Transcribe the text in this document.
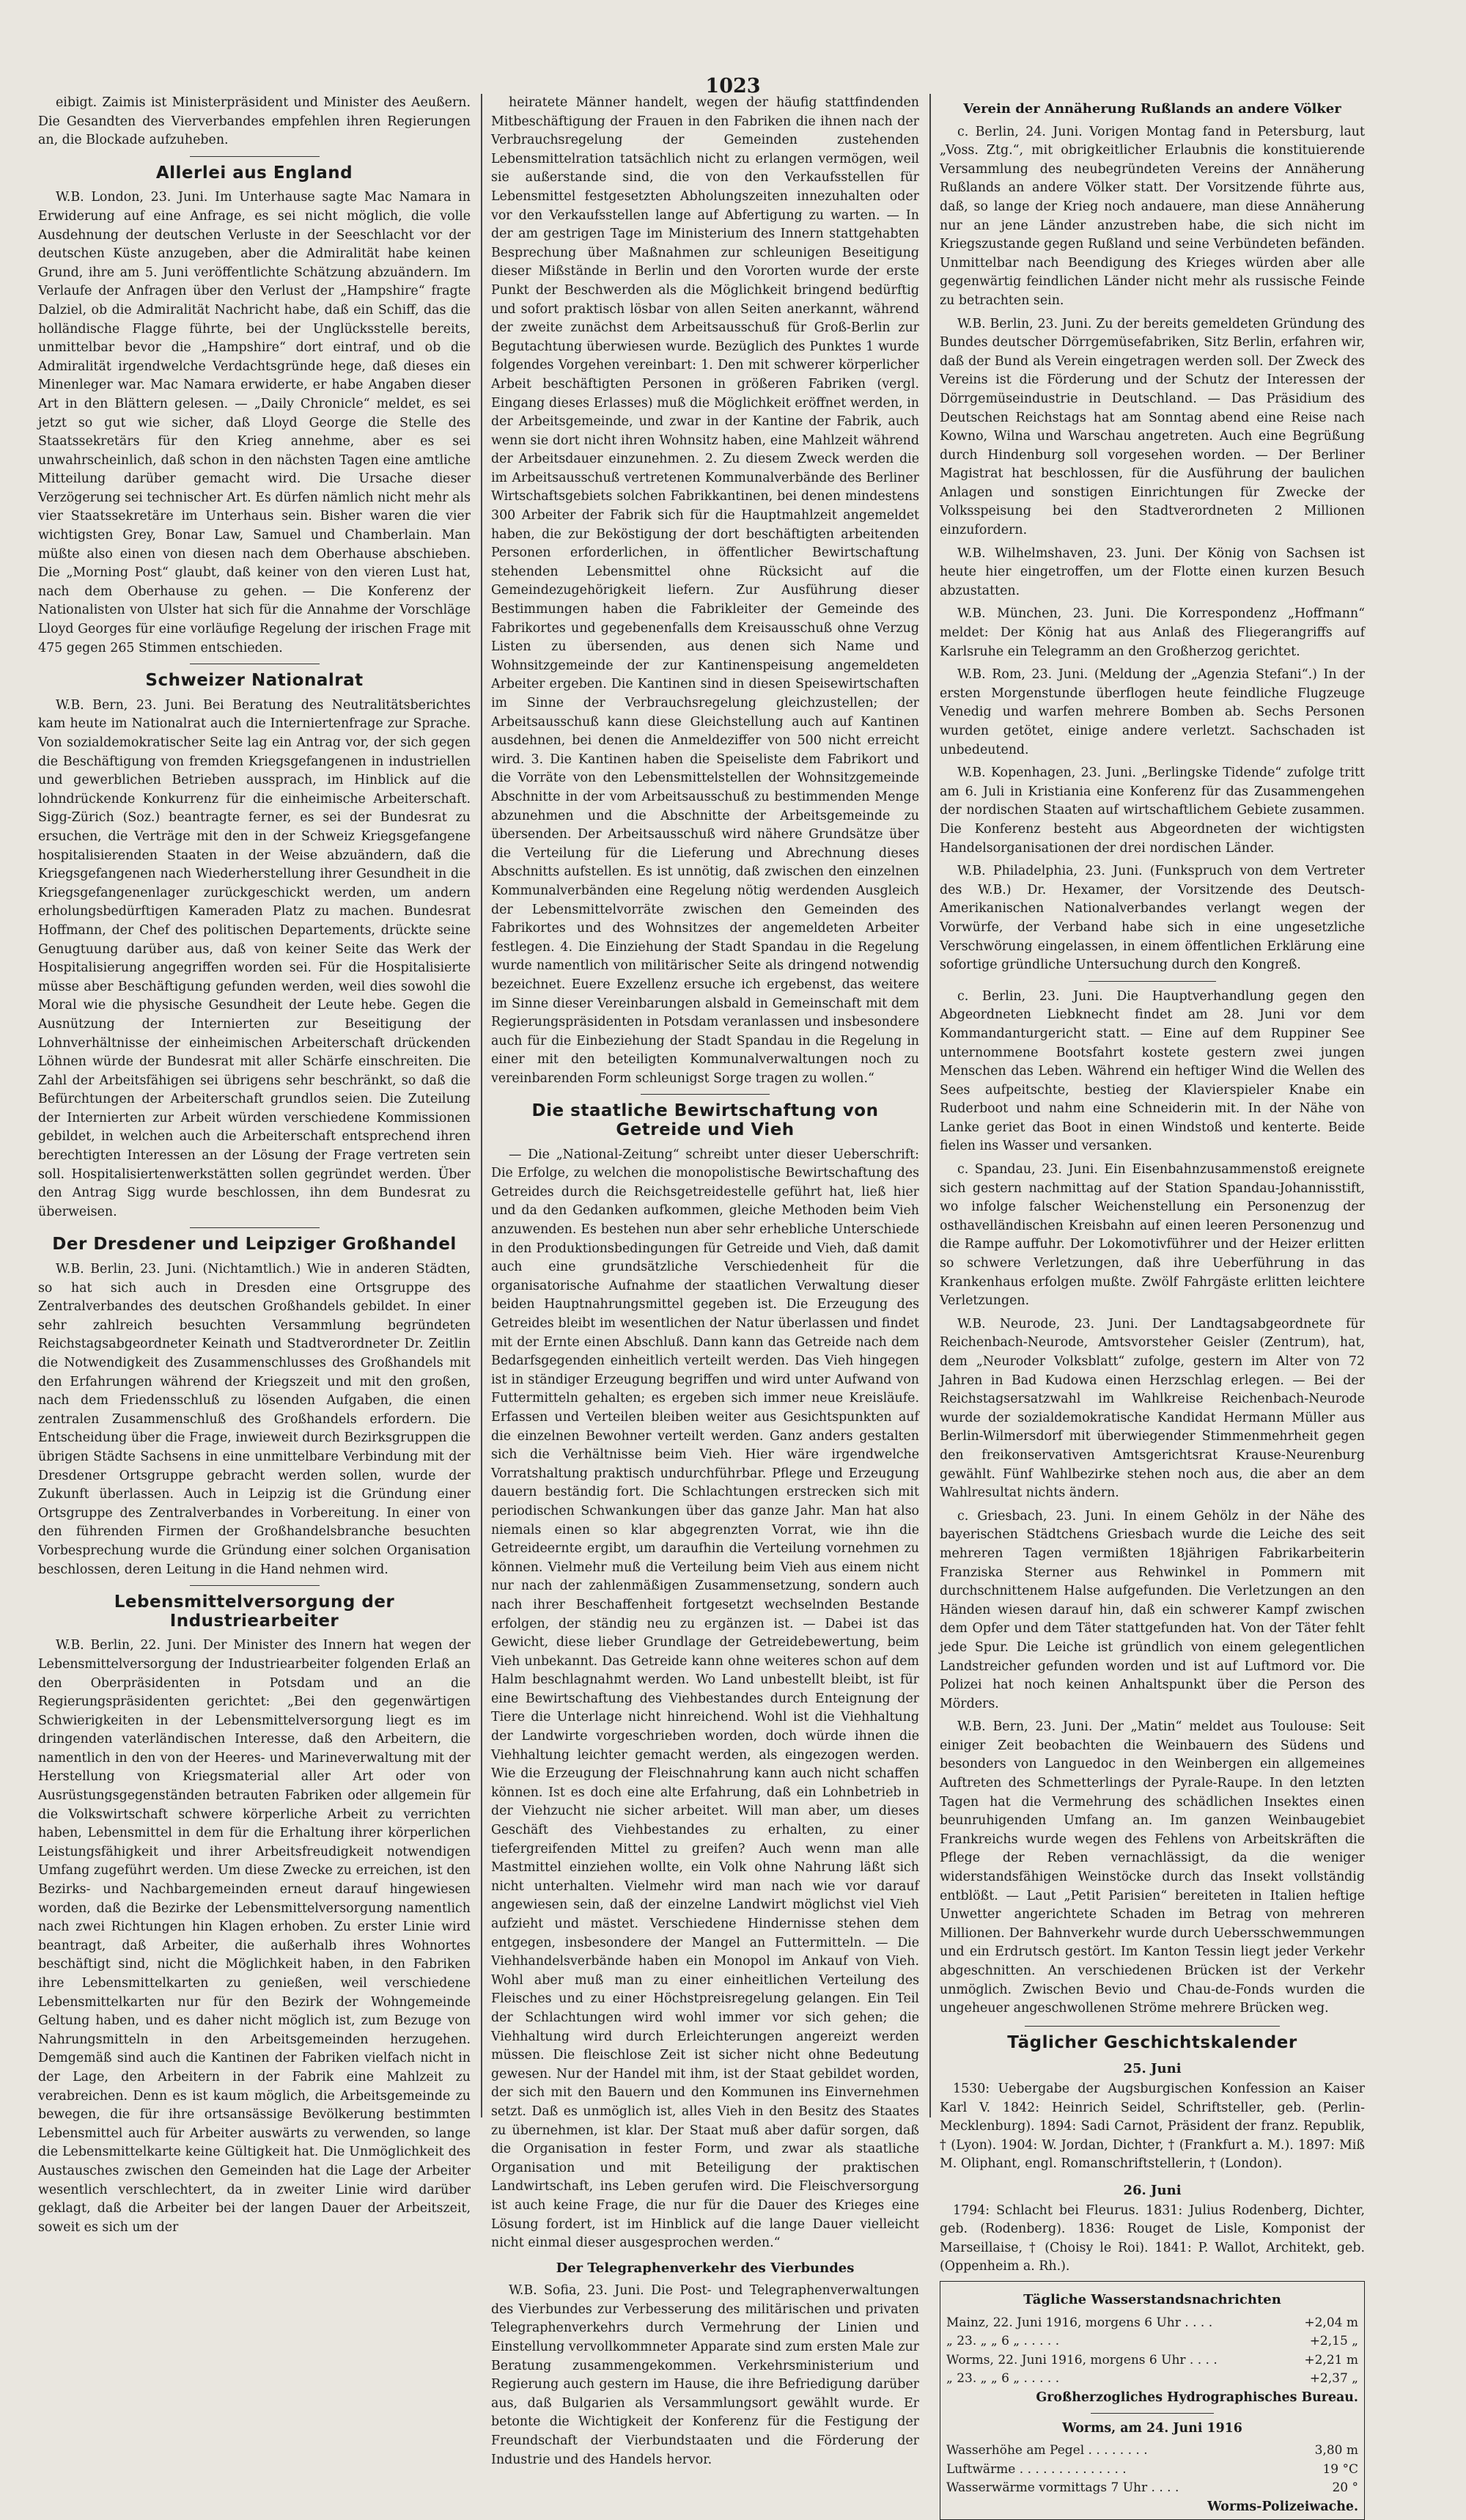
1023

eibigt. Zaimis ist Ministerpräsident und Minister des Aeußern. Die Gesandten des Vierverbandes empfehlen ihren Regierungen an, die Blockade aufzuheben.

Allerlei aus England

W.B. London, 23. Juni. Im Unterhause sagte Mac Namara in Erwiderung auf eine Anfrage, es sei nicht möglich, die volle Ausdehnung der deutschen Verluste in der Seeschlacht vor der deutschen Küste anzugeben, aber die Admiralität habe keinen Grund, ihre am 5. Juni veröffentlichte Schätzung abzuändern. Im Verlaufe der Anfragen über den Verlust der „Hampshire“ fragte Dalziel, ob die Admiralität Nachricht habe, daß ein Schiff, das die holländische Flagge führte, bei der Unglücksstelle bereits, unmittelbar bevor die „Hampshire“ dort eintraf, und ob die Admiralität irgendwelche Verdachtsgründe hege, daß dieses ein Minenleger war. Mac Namara erwiderte, er habe Angaben dieser Art in den Blättern gelesen. — „Daily Chronicle“ meldet, es sei jetzt so gut wie sicher, daß Lloyd George die Stelle des Staatssekretärs für den Krieg annehme, aber es sei unwahrscheinlich, daß schon in den nächsten Tagen eine amtliche Mitteilung darüber gemacht wird. Die Ursache dieser Verzögerung sei technischer Art. Es dürfen nämlich nicht mehr als vier Staatssekretäre im Unterhaus sein. Bisher waren die vier wichtigsten Grey, Bonar Law, Samuel und Chamberlain. Man müßte also einen von diesen nach dem Oberhause abschieben. Die „Morning Post“ glaubt, daß keiner von den vieren Lust hat, nach dem Oberhause zu gehen. — Die Konferenz der Nationalisten von Ulster hat sich für die Annahme der Vorschläge Lloyd Georges für eine vorläufige Regelung der irischen Frage mit 475 gegen 265 Stimmen entschieden.

Schweizer Nationalrat

W.B. Bern, 23. Juni. Bei Beratung des Neutralitätsberichtes kam heute im Nationalrat auch die Interniertenfrage zur Sprache. Von sozialdemokratischer Seite lag ein Antrag vor, der sich gegen die Beschäftigung von fremden Kriegsgefangenen in industriellen und gewerblichen Betrieben aussprach, im Hinblick auf die lohndrückende Konkurrenz für die einheimische Arbeiterschaft. Sigg-Zürich (Soz.) beantragte ferner, es sei der Bundesrat zu ersuchen, die Verträge mit den in der Schweiz Kriegsgefangene hospitalisierenden Staaten in der Weise abzuändern, daß die Kriegsgefangenen nach Wiederherstellung ihrer Gesundheit in die Kriegsgefangenenlager zurückgeschickt werden, um andern erholungsbedürftigen Kameraden Platz zu machen. Bundesrat Hoffmann, der Chef des politischen Departements, drückte seine Genugtuung darüber aus, daß von keiner Seite das Werk der Hospitalisierung angegriffen worden sei. Für die Hospitalisierte müsse aber Beschäftigung gefunden werden, weil dies sowohl die Moral wie die physische Gesundheit der Leute hebe. Gegen die Ausnützung der Internierten zur Beseitigung der Lohnverhältnisse der einheimischen Arbeiterschaft drückenden Löhnen würde der Bundesrat mit aller Schärfe einschreiten. Die Zahl der Arbeitsfähigen sei übrigens sehr beschränkt, so daß die Befürchtungen der Arbeiterschaft grundlos seien. Die Zuteilung der Internierten zur Arbeit würden verschiedene Kommissionen gebildet, in welchen auch die Arbeiterschaft entsprechend ihren berechtigten Interessen an der Lösung der Frage vertreten sein soll. Hospitalisiertenwerkstätten sollen gegründet werden. Über den Antrag Sigg wurde beschlossen, ihn dem Bundesrat zu überweisen.

Der Dresdener und Leipziger Großhandel

W.B. Berlin, 23. Juni. (Nichtamtlich.) Wie in anderen Städten, so hat sich auch in Dresden eine Ortsgruppe des Zentralverbandes des deutschen Großhandels gebildet. In einer sehr zahlreich besuchten Versammlung begründeten Reichstagsabgeordneter Keinath und Stadtverordneter Dr. Zeitlin die Notwendigkeit des Zusammenschlusses des Großhandels mit den Erfahrungen während der Kriegszeit und mit den großen, nach dem Friedensschluß zu lösenden Aufgaben, die einen zentralen Zusammenschluß des Großhandels erfordern. Die Entscheidung über die Frage, inwieweit durch Bezirksgruppen die übrigen Städte Sachsens in eine unmittelbare Verbindung mit der Dresdener Ortsgruppe gebracht werden sollen, wurde der Zukunft überlassen. Auch in Leipzig ist die Gründung einer Ortsgruppe des Zentralverbandes in Vorbereitung. In einer von den führenden Firmen der Großhandelsbranche besuchten Vorbesprechung wurde die Gründung einer solchen Organisation beschlossen, deren Leitung in die Hand nehmen wird.

Lebensmittelversorgung der Industriearbeiter

W.B. Berlin, 22. Juni. Der Minister des Innern hat wegen der Lebensmittelversorgung der Industriearbeiter folgenden Erlaß an den Oberpräsidenten in Potsdam und an die Regierungspräsidenten gerichtet: „Bei den gegenwärtigen Schwierigkeiten in der Lebensmittelversorgung liegt es im dringenden vaterländischen Interesse, daß den Arbeitern, die namentlich in den von der Heeres- und Marineverwaltung mit der Herstellung von Kriegsmaterial aller Art oder von Ausrüstungsgegenständen betrauten Fabriken oder allgemein für die Volkswirtschaft schwere körperliche Arbeit zu verrichten haben, Lebensmittel in dem für die Erhaltung ihrer körperlichen Leistungsfähigkeit und ihrer Arbeitsfreudigkeit notwendigen Umfang zugeführt werden. Um diese Zwecke zu erreichen, ist den Bezirks- und Nachbargemeinden erneut darauf hingewiesen worden, daß die Bezirke der Lebensmittelversorgung namentlich nach zwei Richtungen hin Klagen erhoben. Zu erster Linie wird beantragt, daß Arbeiter, die außerhalb ihres Wohnortes beschäftigt sind, nicht die Möglichkeit haben, in den Fabriken ihre Lebensmittelkarten zu genießen, weil verschiedene Lebensmittelkarten nur für den Bezirk der Wohngemeinde Geltung haben, und es daher nicht möglich ist, zum Bezuge von Nahrungsmitteln in den Arbeitsgemeinden herzugehen. Demgemäß sind auch die Kantinen der Fabriken vielfach nicht in der Lage, den Arbeitern in der Fabrik eine Mahlzeit zu verabreichen. Denn es ist kaum möglich, die Arbeitsgemeinde zu bewegen, die für ihre ortsansässige Bevölkerung bestimmten Lebensmittel auch für Arbeiter auswärts zu verwenden, so lange die Lebensmittelkarte keine Gültigkeit hat. Die Unmöglichkeit des Austausches zwischen den Gemeinden hat die Lage der Arbeiter wesentlich verschlechtert, da in zweiter Linie wird darüber geklagt, daß die Arbeiter bei der langen Dauer der Arbeitszeit, soweit es sich um der

heiratete Männer handelt, wegen der häufig stattfindenden Mitbeschäftigung der Frauen in den Fabriken die ihnen nach der Verbrauchsregelung der Gemeinden zustehenden Lebensmittelration tatsächlich nicht zu erlangen vermögen, weil sie außerstande sind, die von den Verkaufsstellen für Lebensmittel festgesetzten Abholungszeiten innezuhalten oder vor den Verkaufsstellen lange auf Abfertigung zu warten. — In der am gestrigen Tage im Ministerium des Innern stattgehabten Besprechung über Maßnahmen zur schleunigen Beseitigung dieser Mißstände in Berlin und den Vororten wurde der erste Punkt der Beschwerden als die Möglichkeit bringend bedürftig und sofort praktisch lösbar von allen Seiten anerkannt, während der zweite zunächst dem Arbeitsausschuß für Groß-Berlin zur Begutachtung überwiesen wurde. Bezüglich des Punktes 1 wurde folgendes Vorgehen vereinbart: 1. Den mit schwerer körperlicher Arbeit beschäftigten Personen in größeren Fabriken (vergl. Eingang dieses Erlasses) muß die Möglichkeit eröffnet werden, in der Arbeitsgemeinde, und zwar in der Kantine der Fabrik, auch wenn sie dort nicht ihren Wohnsitz haben, eine Mahlzeit während der Arbeitsdauer einzunehmen. 2. Zu diesem Zweck werden die im Arbeitsausschuß vertretenen Kommunalverbände des Berliner Wirtschaftsgebiets solchen Fabrikkantinen, bei denen mindestens 300 Arbeiter der Fabrik sich für die Hauptmahlzeit angemeldet haben, die zur Beköstigung der dort beschäftigten arbeitenden Personen erforderlichen, in öffentlicher Bewirtschaftung stehenden Lebensmittel ohne Rücksicht auf die Gemeindezugehörigkeit liefern. Zur Ausführung dieser Bestimmungen haben die Fabrikleiter der Gemeinde des Fabrikortes und gegebenenfalls dem Kreisausschuß ohne Verzug Listen zu übersenden, aus denen sich Name und Wohnsitzgemeinde der zur Kantinenspeisung angemeldeten Arbeiter ergeben. Die Kantinen sind in diesen Speisewirtschaften im Sinne der Verbrauchsregelung gleichzustellen; der Arbeitsausschuß kann diese Gleichstellung auch auf Kantinen ausdehnen, bei denen die Anmeldeziffer von 500 nicht erreicht wird. 3. Die Kantinen haben die Speiseliste dem Fabrikort und die Vorräte von den Lebensmittelstellen der Wohnsitzgemeinde Abschnitte in der vom Arbeitsausschuß zu bestimmenden Menge abzunehmen und die Abschnitte der Arbeitsgemeinde zu übersenden. Der Arbeitsausschuß wird nähere Grundsätze über die Verteilung für die Lieferung und Abrechnung dieses Abschnitts aufstellen. Es ist unnötig, daß zwischen den einzelnen Kommunalverbänden eine Regelung nötig werdenden Ausgleich der Lebensmittelvorräte zwischen den Gemeinden des Fabrikortes und des Wohnsitzes der angemeldeten Arbeiter festlegen. 4. Die Einziehung der Stadt Spandau in die Regelung wurde namentlich von militärischer Seite als dringend notwendig bezeichnet. Euere Exzellenz ersuche ich ergebenst, das weitere im Sinne dieser Vereinbarungen alsbald in Gemeinschaft mit dem Regierungspräsidenten in Potsdam veranlassen und insbesondere auch für die Einbeziehung der Stadt Spandau in die Regelung in einer mit den beteiligten Kommunalverwaltungen noch zu vereinbarenden Form schleunigst Sorge tragen zu wollen.“

Die staatliche Bewirtschaftung von Getreide und Vieh

— Die „National-Zeitung“ schreibt unter dieser Ueberschrift: Die Erfolge, zu welchen die monopolistische Bewirtschaftung des Getreides durch die Reichsgetreidestelle geführt hat, ließ hier und da den Gedanken aufkommen, gleiche Methoden beim Vieh anzuwenden. Es bestehen nun aber sehr erhebliche Unterschiede in den Produktionsbedingungen für Getreide und Vieh, daß damit auch eine grundsätzliche Verschiedenheit für die organisatorische Aufnahme der staatlichen Verwaltung dieser beiden Hauptnahrungsmittel gegeben ist. Die Erzeugung des Getreides bleibt im wesentlichen der Natur überlassen und findet mit der Ernte einen Abschluß. Dann kann das Getreide nach dem Bedarfsgegenden einheitlich verteilt werden. Das Vieh hingegen ist in ständiger Erzeugung begriffen und wird unter Aufwand von Futtermitteln gehalten; es ergeben sich immer neue Kreisläufe. Erfassen und Verteilen bleiben weiter aus Gesichtspunkten auf die einzelnen Bewohner verteilt werden. Ganz anders gestalten sich die Verhältnisse beim Vieh. Hier wäre irgendwelche Vorratshaltung praktisch undurchführbar. Pflege und Erzeugung dauern beständig fort. Die Schlachtungen erstrecken sich mit periodischen Schwankungen über das ganze Jahr. Man hat also niemals einen so klar abgegrenzten Vorrat, wie ihn die Getreideernte ergibt, um daraufhin die Verteilung vornehmen zu können. Vielmehr muß die Verteilung beim Vieh aus einem nicht nur nach der zahlenmäßigen Zusammensetzung, sondern auch nach ihrer Beschaffenheit fortgesetzt wechselnden Bestande erfolgen, der ständig neu zu ergänzen ist. — Dabei ist das Gewicht, diese lieber Grundlage der Getreidebewertung, beim Vieh unbekannt. Das Getreide kann ohne weiteres schon auf dem Halm beschlagnahmt werden. Wo Land unbestellt bleibt, ist für eine Bewirtschaftung des Viehbestandes durch Enteignung der Tiere die Unterlage nicht hinreichend. Wohl ist die Viehhaltung der Landwirte vorgeschrieben worden, doch würde ihnen die Viehhaltung leichter gemacht werden, als eingezogen werden. Wie die Erzeugung der Fleischnahrung kann auch nicht schaffen können. Ist es doch eine alte Erfahrung, daß ein Lohnbetrieb in der Viehzucht nie sicher arbeitet. Will man aber, um dieses Geschäft des Viehbestandes zu erhalten, zu einer tiefergreifenden Mittel zu greifen? Auch wenn man alle Mastmittel einziehen wollte, ein Volk ohne Nahrung läßt sich nicht unterhalten. Vielmehr wird man nach wie vor darauf angewiesen sein, daß der einzelne Landwirt möglichst viel Vieh aufzieht und mästet. Verschiedene Hindernisse stehen dem entgegen, insbesondere der Mangel an Futtermitteln. — Die Viehhandelsverbände haben ein Monopol im Ankauf von Vieh. Wohl aber muß man zu einer einheitlichen Verteilung des Fleisches und zu einer Höchstpreisregelung gelangen. Ein Teil der Schlachtungen wird wohl immer vor sich gehen; die Viehhaltung wird durch Erleichterungen angereizt werden müssen. Die fleischlose Zeit ist sicher nicht ohne Bedeutung gewesen. Nur der Handel mit ihm, ist der Staat gebildet worden, der sich mit den Bauern und den Kommunen ins Einvernehmen setzt. Daß es unmöglich ist, alles Vieh in den Besitz des Staates zu übernehmen, ist klar. Der Staat muß aber dafür sorgen, daß die Organisation in fester Form, und zwar als staatliche Organisation und mit Beteiligung der praktischen Landwirtschaft, ins Leben gerufen wird. Die Fleischversorgung ist auch keine Frage, die nur für die Dauer des Krieges eine Lösung fordert, ist im Hinblick auf die lange Dauer vielleicht nicht einmal dieser ausgesprochen werden.“

Der Telegraphenverkehr des Vierbundes

W.B. Sofia, 23. Juni. Die Post- und Telegraphenverwaltungen des Vierbundes zur Verbesserung des militärischen und privaten Telegraphenverkehrs durch Vermehrung der Linien und Einstellung vervollkommneter Apparate sind zum ersten Male zur Beratung zusammengekommen. Verkehrsministerium und Regierung auch gestern im Hause, die ihre Befriedigung darüber aus, daß Bulgarien als Versammlungsort gewählt wurde. Er betonte die Wichtigkeit der Konferenz für die Festigung der Freundschaft der Vierbundstaaten und die Förderung der Industrie und des Handels hervor.

Verein der Annäherung Rußlands an andere Völker

c. Berlin, 24. Juni. Vorigen Montag fand in Petersburg, laut „Voss. Ztg.“, mit obrigkeitlicher Erlaubnis die konstituierende Versammlung des neubegründeten Vereins der Annäherung Rußlands an andere Völker statt. Der Vorsitzende führte aus, daß, so lange der Krieg noch andauere, man diese Annäherung nur an jene Länder anzustreben habe, die sich nicht im Kriegszustande gegen Rußland und seine Verbündeten befänden. Unmittelbar nach Beendigung des Krieges würden aber alle gegenwärtig feindlichen Länder nicht mehr als russische Feinde zu betrachten sein.

W.B. Berlin, 23. Juni. Zu der bereits gemeldeten Gründung des Bundes deutscher Dörrgemüsefabriken, Sitz Berlin, erfahren wir, daß der Bund als Verein eingetragen werden soll. Der Zweck des Vereins ist die Förderung und der Schutz der Interessen der Dörrgemüseindustrie in Deutschland. — Das Präsidium des Deutschen Reichstags hat am Sonntag abend eine Reise nach Kowno, Wilna und Warschau angetreten. Auch eine Begrüßung durch Hindenburg soll vorgesehen worden. — Der Berliner Magistrat hat beschlossen, für die Ausführung der baulichen Anlagen und sonstigen Einrichtungen für Zwecke der Volksspeisung bei den Stadtverordneten 2 Millionen einzufordern.

W.B. Wilhelmshaven, 23. Juni. Der König von Sachsen ist heute hier eingetroffen, um der Flotte einen kurzen Besuch abzustatten.

W.B. München, 23. Juni. Die Korrespondenz „Hoffmann“ meldet: Der König hat aus Anlaß des Fliegerangriffs auf Karlsruhe ein Telegramm an den Großherzog gerichtet.

W.B. Rom, 23. Juni. (Meldung der „Agenzia Stefani“.) In der ersten Morgenstunde überflogen heute feindliche Flugzeuge Venedig und warfen mehrere Bomben ab. Sechs Personen wurden getötet, einige andere verletzt. Sachschaden ist unbedeutend.

W.B. Kopenhagen, 23. Juni. „Berlingske Tidende“ zufolge tritt am 6. Juli in Kristiania eine Konferenz für das Zusammengehen der nordischen Staaten auf wirtschaftlichem Gebiete zusammen. Die Konferenz besteht aus Abgeordneten der wichtigsten Handelsorganisationen der drei nordischen Länder.

W.B. Philadelphia, 23. Juni. (Funkspruch von dem Vertreter des W.B.) Dr. Hexamer, der Vorsitzende des Deutsch-Amerikanischen Nationalverbandes verlangt wegen der Vorwürfe, der Verband habe sich in eine ungesetzliche Verschwörung eingelassen, in einem öffentlichen Erklärung eine sofortige gründliche Untersuchung durch den Kongreß.

c. Berlin, 23. Juni. Die Hauptverhandlung gegen den Abgeordneten Liebknecht findet am 28. Juni vor dem Kommandanturgericht statt. — Eine auf dem Ruppiner See unternommene Bootsfahrt kostete gestern zwei jungen Menschen das Leben. Während ein heftiger Wind die Wellen des Sees aufpeitschte, bestieg der Klavierspieler Knabe ein Ruderboot und nahm eine Schneiderin mit. In der Nähe von Lanke geriet das Boot in einen Windstoß und kenterte. Beide fielen ins Wasser und versanken.

c. Spandau, 23. Juni. Ein Eisenbahnzusammenstoß ereignete sich gestern nachmittag auf der Station Spandau-Johannisstift, wo infolge falscher Weichenstellung ein Personenzug der osthavelländischen Kreisbahn auf einen leeren Personenzug und die Rampe auffuhr. Der Lokomotivführer und der Heizer erlitten so schwere Verletzungen, daß ihre Ueberführung in das Krankenhaus erfolgen mußte. Zwölf Fahrgäste erlitten leichtere Verletzungen.

W.B. Neurode, 23. Juni. Der Landtagsabgeordnete für Reichenbach-Neurode, Amtsvorsteher Geisler (Zentrum), hat, dem „Neuroder Volksblatt“ zufolge, gestern im Alter von 72 Jahren in Bad Kudowa einen Herzschlag erlegen. — Bei der Reichstagsersatzwahl im Wahlkreise Reichenbach-Neurode wurde der sozialdemokratische Kandidat Hermann Müller aus Berlin-Wilmersdorf mit überwiegender Stimmenmehrheit gegen den freikonservativen Amtsgerichtsrat Krause-Neurenburg gewählt. Fünf Wahlbezirke stehen noch aus, die aber an dem Wahlresultat nichts ändern.

c. Griesbach, 23. Juni. In einem Gehölz in der Nähe des bayerischen Städtchens Griesbach wurde die Leiche des seit mehreren Tagen vermißten 18jährigen Fabrikarbeiterin Franziska Sterner aus Rehwinkel in Pommern mit durchschnittenem Halse aufgefunden. Die Verletzungen an den Händen wiesen darauf hin, daß ein schwerer Kampf zwischen dem Opfer und dem Täter stattgefunden hat. Von der Täter fehlt jede Spur. Die Leiche ist gründlich von einem gelegentlichen Landstreicher gefunden worden und ist auf Luftmord vor. Die Polizei hat noch keinen Anhaltspunkt über die Person des Mörders.

W.B. Bern, 23. Juni. Der „Matin“ meldet aus Toulouse: Seit einiger Zeit beobachten die Weinbauern des Südens und besonders von Languedoc in den Weinbergen ein allgemeines Auftreten des Schmetterlings der Pyrale-Raupe. In den letzten Tagen hat die Vermehrung des schädlichen Insektes einen beunruhigenden Umfang an. Im ganzen Weinbaugebiet Frankreichs wurde wegen des Fehlens von Arbeitskräften die Pflege der Reben vernachlässigt, da die weniger widerstandsfähigen Weinstöcke durch das Insekt vollständig entblößt. — Laut „Petit Parisien“ bereiteten in Italien heftige Unwetter angerichtete Schaden im Betrag von mehreren Millionen. Der Bahnverkehr wurde durch Uebersschwemmungen und ein Erdrutsch gestört. Im Kanton Tessin liegt jeder Verkehr abgeschnitten. An verschiedenen Brücken ist der Verkehr unmöglich. Zwischen Bevio und Chau-de-Fonds wurden die ungeheuer angeschwollenen Ströme mehrere Brücken weg.

Täglicher Geschichtskalender
25. Juni

1530: Uebergabe der Augsburgischen Konfession an Kaiser Karl V. 1842: Heinrich Seidel, Schriftsteller, geb. (Perlin-Mecklenburg). 1894: Sadi Carnot, Präsident der franz. Republik, † (Lyon). 1904: W. Jordan, Dichter, † (Frankfurt a. M.). 1897: Miß M. Oliphant, engl. Romanschriftstellerin, † (London).

26. Juni

1794: Schlacht bei Fleurus. 1831: Julius Rodenberg, Dichter, geb. (Rodenberg). 1836: Rouget de Lisle, Komponist der Marseillaise, † (Choisy le Roi). 1841: P. Wallot, Architekt, geb. (Oppenheim a. Rh.).

Tägliche Wasserstandsnachrichten
Mainz, 22. Juni 1916, morgens 6 Uhr . . . .	+2,04 m
„ 23. „ „ 6 „ . . . . .	+2,15 „
Worms, 22. Juni 1916, morgens 6 Uhr . . . .	+2,21 m
„ 23. „ „ 6 „ . . . . .	+2,37 „
Großherzogliches Hydrographisches Bureau.
Worms, am 24. Juni 1916
Wasserhöhe am Pegel . . . . . . . .	3,80 m
Luftwärme . . . . . . . . . . . . . .	19 °C
Wasserwärme vormittags 7 Uhr . . . .	20 °
Worms-Polizeiwache.
